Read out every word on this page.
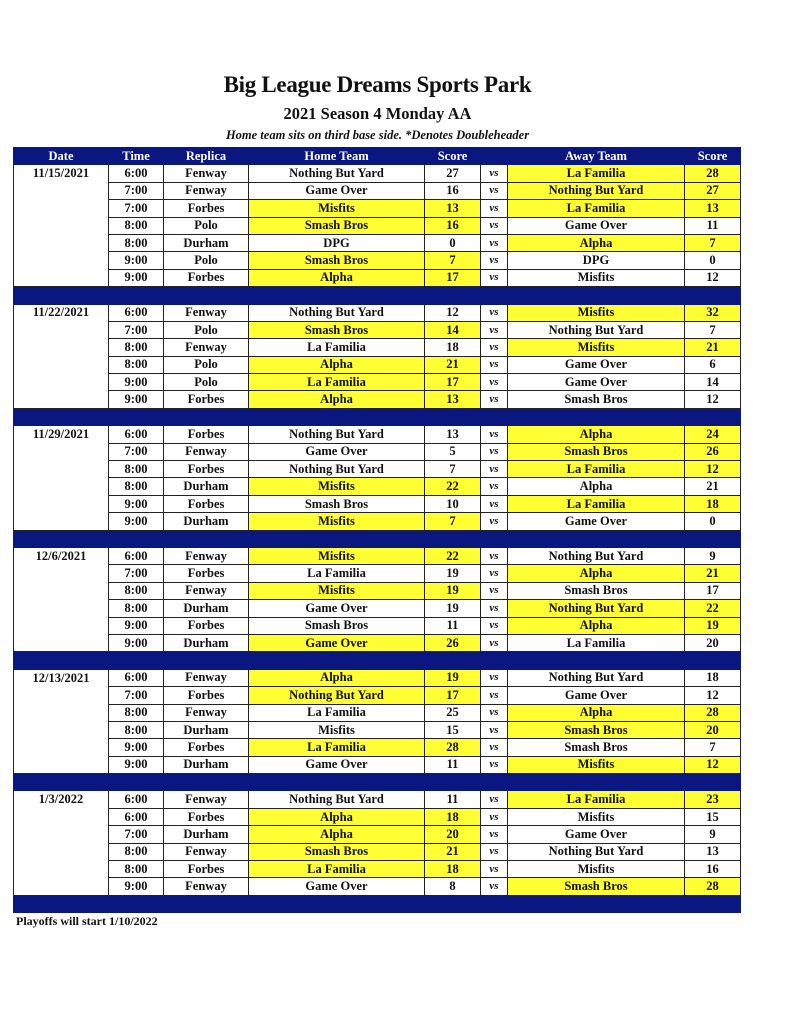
Big League Dreams Sports Park
2021 Season 4 Monday AA
Home team sits on third base side. *Denotes Doubleheader
Date	Time	Replica	Home Team	Score		Away Team	Score
11/15/2021	6:00	Fenway	Nothing But Yard	27	vs	La Familia	28
	7:00	Fenway	Game Over	16	vs	Nothing But Yard	27
	7:00	Forbes	Misfits	13	vs	La Familia	13
	8:00	Polo	Smash Bros	16	vs	Game Over	11
	8:00	Durham	DPG	0	vs	Alpha	7
	9:00	Polo	Smash Bros	7	vs	DPG	0
	9:00	Forbes	Alpha	17	vs	Misfits	12

11/22/2021	6:00	Fenway	Nothing But Yard	12	vs	Misfits	32
	7:00	Polo	Smash Bros	14	vs	Nothing But Yard	7
	8:00	Fenway	La Familia	18	vs	Misfits	21
	8:00	Polo	Alpha	21	vs	Game Over	6
	9:00	Polo	La Familia	17	vs	Game Over	14
	9:00	Forbes	Alpha	13	vs	Smash Bros	12

11/29/2021	6:00	Forbes	Nothing But Yard	13	vs	Alpha	24
	7:00	Fenway	Game Over	5	vs	Smash Bros	26
	8:00	Forbes	Nothing But Yard	7	vs	La Familia	12
	8:00	Durham	Misfits	22	vs	Alpha	21
	9:00	Forbes	Smash Bros	10	vs	La Familia	18
	9:00	Durham	Misfits	7	vs	Game Over	0

12/6/2021	6:00	Fenway	Misfits	22	vs	Nothing But Yard	9
	7:00	Forbes	La Familia	19	vs	Alpha	21
	8:00	Fenway	Misfits	19	vs	Smash Bros	17
	8:00	Durham	Game Over	19	vs	Nothing But Yard	22
	9:00	Forbes	Smash Bros	11	vs	Alpha	19
	9:00	Durham	Game Over	26	vs	La Familia	20

12/13/2021	6:00	Fenway	Alpha	19	vs	Nothing But Yard	18
	7:00	Forbes	Nothing But Yard	17	vs	Game Over	12
	8:00	Fenway	La Familia	25	vs	Alpha	28
	8:00	Durham	Misfits	15	vs	Smash Bros	20
	9:00	Forbes	La Familia	28	vs	Smash Bros	7
	9:00	Durham	Game Over	11	vs	Misfits	12

1/3/2022	6:00	Fenway	Nothing But Yard	11	vs	La Familia	23
	6:00	Forbes	Alpha	18	vs	Misfits	15
	7:00	Durham	Alpha	20	vs	Game Over	9
	8:00	Fenway	Smash Bros	21	vs	Nothing But Yard	13
	8:00	Forbes	La Familia	18	vs	Misfits	16
	9:00	Fenway	Game Over	8	vs	Smash Bros	28

Playoffs will start 1/10/2022
